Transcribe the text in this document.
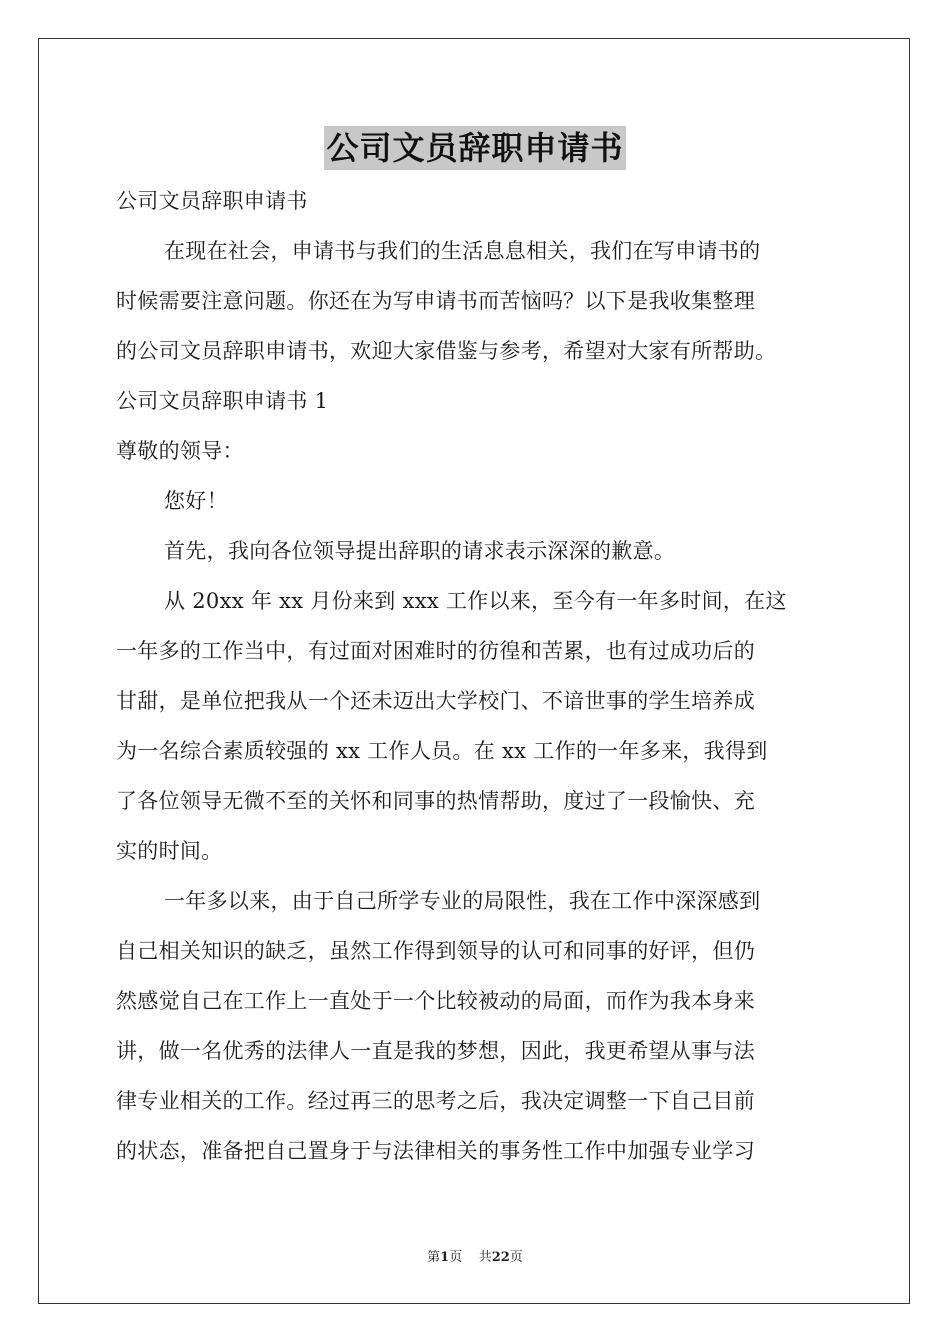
公司文员辞职申请书
公司文员辞职申请书
在现在社会，申请书与我们的生活息息相关，我们在写申请书的
时候需要注意问题。你还在为写申请书而苦恼吗？以下是我收集整理
的公司文员辞职申请书，欢迎大家借鉴与参考，希望对大家有所帮助。
公司文员辞职申请书 1
尊敬的领导：
您好！
首先，我向各位领导提出辞职的请求表示深深的歉意。
从 20xx 年 xx 月份来到 xxx 工作以来，至今有一年多时间，在这
一年多的工作当中，有过面对困难时的彷徨和苦累，也有过成功后的
甘甜，是单位把我从一个还未迈出大学校门、不谙世事的学生培养成
为一名综合素质较强的 xx 工作人员。在 xx 工作的一年多来，我得到
了各位领导无微不至的关怀和同事的热情帮助，度过了一段愉快、充
实的时间。
一年多以来，由于自己所学专业的局限性，我在工作中深深感到
自己相关知识的缺乏，虽然工作得到领导的认可和同事的好评，但仍
然感觉自己在工作上一直处于一个比较被动的局面，而作为我本身来
讲，做一名优秀的法律人一直是我的梦想，因此，我更希望从事与法
律专业相关的工作。经过再三的思考之后，我决定调整一下自己目前
的状态，准备把自己置身于与法律相关的事务性工作中加强专业学习
第1页 共22页
